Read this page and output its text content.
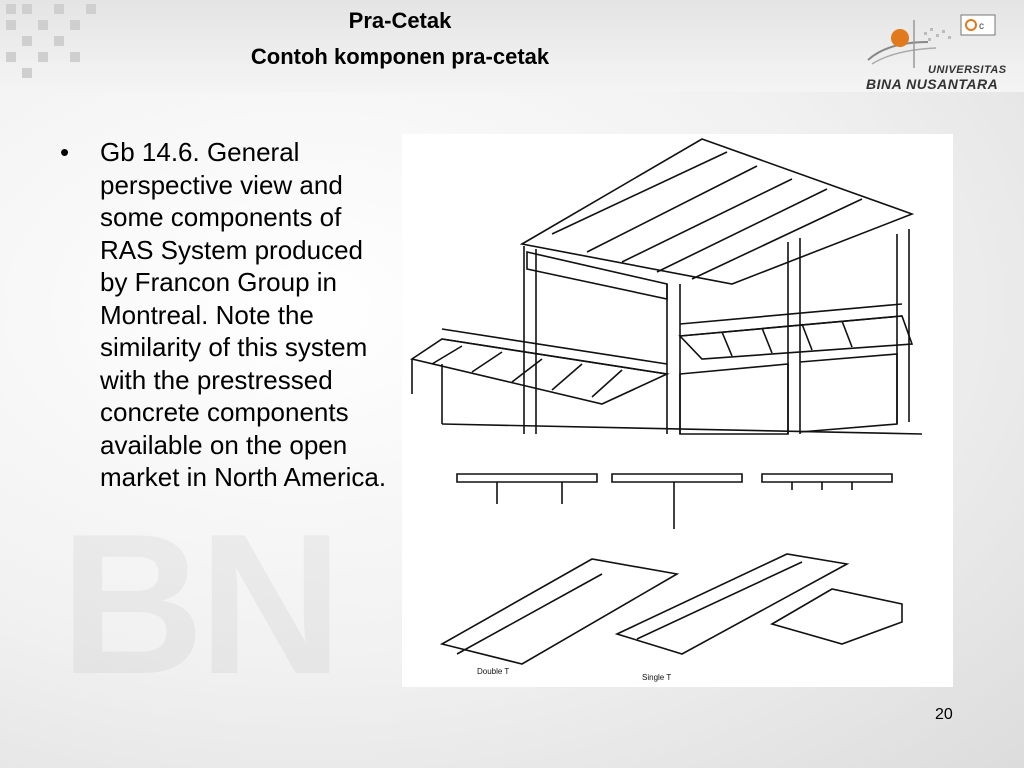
Pra-Cetak
Contoh komponen pra-cetak
c
UNIVERSITAS
BINA NUSANTARA
• Gb 14.6. General perspective view and some components of RAS System produced by Francon Group in Montreal. Note the similarity of this system with the prestressed concrete components available on the open market in North America.
Double T
Single T
20
